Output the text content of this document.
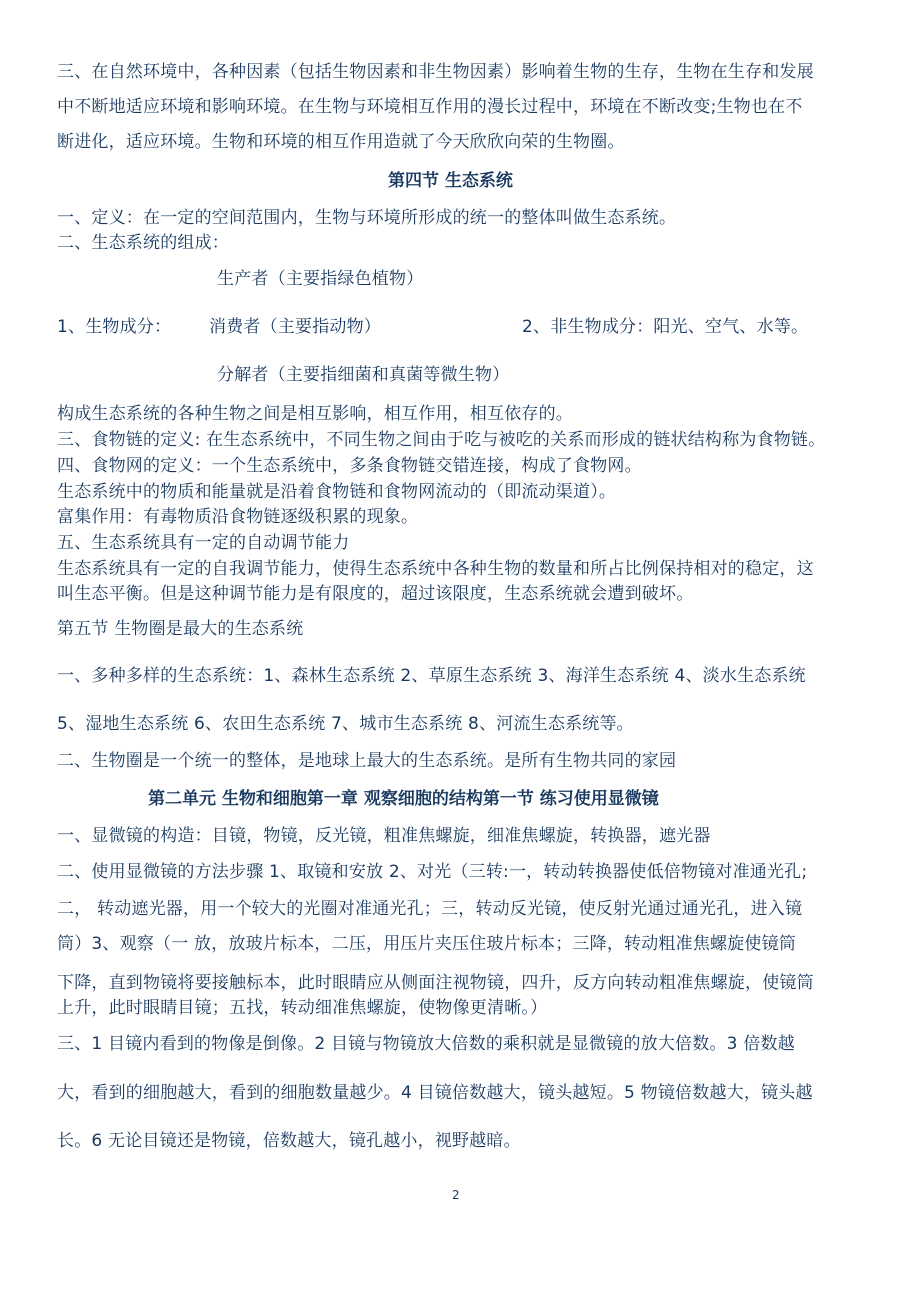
三、在自然环境中，各种因素（包括生物因素和非生物因素）影响着生物的生存，生物在生存和发展
中不断地适应环境和影响环境。在生物与环境相互作用的漫长过程中，环境在不断改变;生物也在不
断进化，适应环境。生物和环境的相互作用造就了今天欣欣向荣的生物圈。
第四节 生态系统
一、定义：在一定的空间范围内，生物与环境所形成的统一的整体叫做生态系统。
二、生态系统的组成：
生产者（主要指绿色植物）
1、生物成分： 消费者（主要指动物）	2、非生物成分：阳光、空气、水等。
分解者（主要指细菌和真菌等微生物）
构成生态系统的各种生物之间是相互影响，相互作用，相互依存的。
三、食物链的定义: 在生态系统中，不同生物之间由于吃与被吃的关系而形成的链状结构称为食物链。
四、食物网的定义：一个生态系统中，多条食物链交错连接，构成了食物网。
生态系统中的物质和能量就是沿着食物链和食物网流动的（即流动渠道）。
富集作用：有毒物质沿食物链逐级积累的现象。
五、生态系统具有一定的自动调节能力
生态系统具有一定的自我调节能力，使得生态系统中各种生物的数量和所占比例保持相对的稳定，这
叫生态平衡。但是这种调节能力是有限度的，超过该限度，生态系统就会遭到破坏。
第五节 生物圈是最大的生态系统
一、多种多样的生态系统：1、森林生态系统 2、草原生态系统 3、海洋生态系统 4、淡水生态系统
5、湿地生态系统 6、农田生态系统 7、城市生态系统 8、河流生态系统等。
二、生物圈是一个统一的整体，是地球上最大的生态系统。是所有生物共同的家园
第二单元 生物和细胞第一章 观察细胞的结构第一节 练习使用显微镜
一、显微镜的构造：目镜，物镜，反光镜，粗准焦螺旋，细准焦螺旋，转换器，遮光器
二、使用显微镜的方法步骤 1、取镜和安放 2、对光（三转:一，转动转换器使低倍物镜对准通光孔;
二， 转动遮光器，用一个较大的光圈对准通光孔；三，转动反光镜，使反射光通过通光孔，进入镜
筒）3、观察（一 放，放玻片标本，二压，用压片夹压住玻片标本；三降，转动粗准焦螺旋使镜筒
下降，直到物镜将要接触标本，此时眼睛应从侧面注视物镜，四升，反方向转动粗准焦螺旋，使镜筒
上升，此时眼睛目镜；五找，转动细准焦螺旋，使物像更清晰。）
三、1 目镜内看到的物像是倒像。2 目镜与物镜放大倍数的乘积就是显微镜的放大倍数。3 倍数越
大，看到的细胞越大，看到的细胞数量越少。4 目镜倍数越大，镜头越短。5 物镜倍数越大，镜头越
长。6 无论目镜还是物镜，倍数越大，镜孔越小，视野越暗。
2
